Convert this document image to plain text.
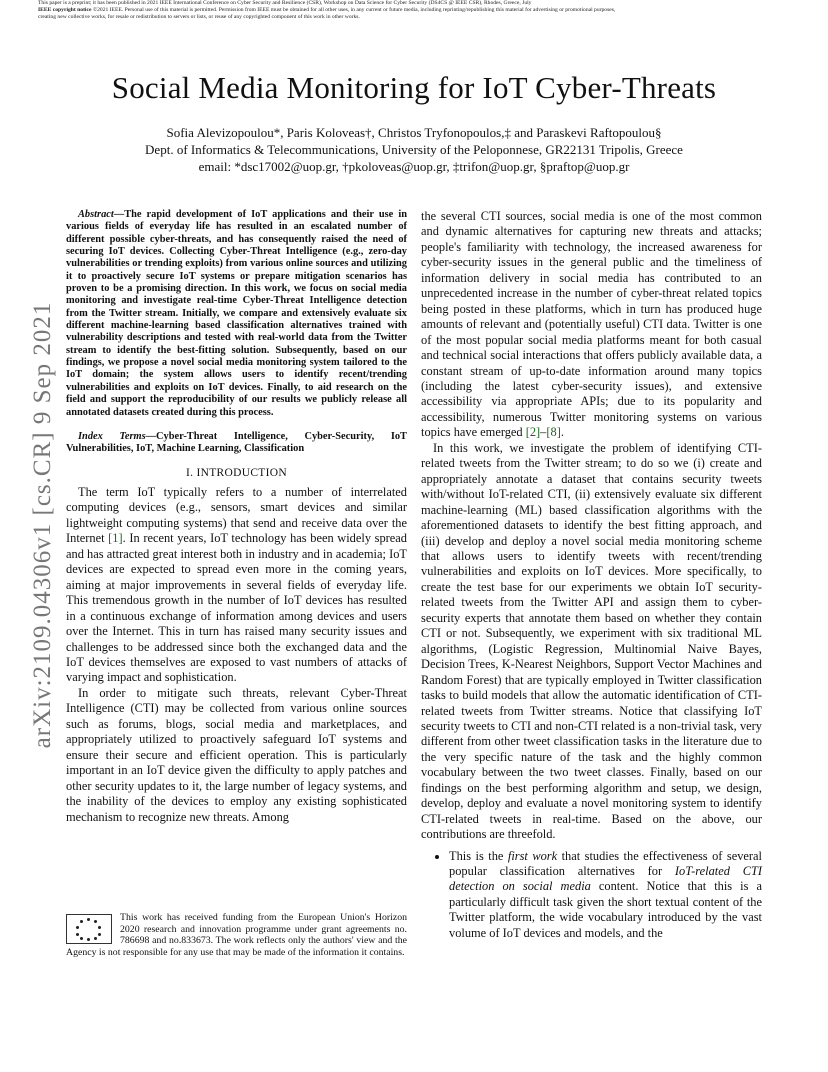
This paper is a preprint; it has been published in 2021 IEEE International Conference on Cyber Security and Resilience (CSR), Workshop on Data Science for Cyber Security (DS4CS @ IEEE CSR), Rhodes, Greece, July

IEEE copyright notice ©2021 IEEE. Personal use of this material is permitted. Permission from IEEE must be obtained for all other uses, in any current or future media, including reprinting/republishing this material for advertising or promotional purposes,

creating new collective works, for resale or redistribution to servers or lists, or reuse of any copyrighted component of this work in other works.

arXiv:2109.04306v1 [cs.CR] 9 Sep 2021
Social Media Monitoring for IoT Cyber-Threats
Sofia Alevizopoulou*, Paris Koloveas†, Christos Tryfonopoulos,‡ and Paraskevi Raftopoulou§
Dept. of Informatics & Telecommunications, University of the Peloponnese, GR22131 Tripolis, Greece
email: *dsc17002@uop.gr, †pkoloveas@uop.gr, ‡trifon@uop.gr, §praftop@uop.gr

Abstract—The rapid development of IoT applications and their use in various fields of everyday life has resulted in an escalated number of different possible cyber-threats, and has consequently raised the need of securing IoT devices. Collecting Cyber-Threat Intelligence (e.g., zero-day vulnerabilities or trending exploits) from various online sources and utilizing it to proactively secure IoT systems or prepare mitigation scenarios has proven to be a promising direction. In this work, we focus on social media monitoring and investigate real-time Cyber-Threat Intelligence detection from the Twitter stream. Initially, we compare and extensively evaluate six different machine-learning based classification alternatives trained with vulnerability descriptions and tested with real-world data from the Twitter stream to identify the best-fitting solution. Subsequently, based on our findings, we propose a novel social media monitoring system tailored to the IoT domain; the system allows users to identify recent/trending vulnerabilities and exploits on IoT devices. Finally, to aid research on the field and support the reproducibility of our results we publicly release all annotated datasets created during this process.

Index Terms—Cyber-Threat Intelligence, Cyber-Security, IoT Vulnerabilities, IoT, Machine Learning, Classification

I. INTRODUCTION

The term IoT typically refers to a number of interrelated computing devices (e.g., sensors, smart devices and similar lightweight computing systems) that send and receive data over the Internet [1]. In recent years, IoT technology has been widely spread and has attracted great interest both in industry and in academia; IoT devices are expected to spread even more in the coming years, aiming at major improvements in several fields of everyday life. This tremendous growth in the number of IoT devices has resulted in a continuous exchange of information among devices and users over the Internet. This in turn has raised many security issues and challenges to be addressed since both the exchanged data and the IoT devices themselves are exposed to vast numbers of attacks of varying impact and sophistication.

In order to mitigate such threats, relevant Cyber-Threat Intelligence (CTI) may be collected from various online sources such as forums, blogs, social media and marketplaces, and appropriately utilized to proactively safeguard IoT systems and ensure their secure and efficient operation. This is particularly important in an IoT device given the difficulty to apply patches and other security updates to it, the large number of legacy systems, and the inability of the devices to employ any existing sophisticated mechanism to recognize new threats. Among

This work has received funding from the European Union's Horizon 2020 research and innovation programme under grant agreements no. 786698 and no.833673. The work reflects only the authors' view and the Agency is not responsible for any use that may be made of the information it contains.

the several CTI sources, social media is one of the most common and dynamic alternatives for capturing new threats and attacks; people's familiarity with technology, the increased awareness for cyber-security issues in the general public and the timeliness of information delivery in social media has contributed to an unprecedented increase in the number of cyber-threat related topics being posted in these platforms, which in turn has produced huge amounts of relevant and (potentially useful) CTI data. Twitter is one of the most popular social media platforms meant for both casual and technical social interactions that offers publicly available data, a constant stream of up-to-date information around many topics (including the latest cyber-security issues), and extensive accessibility via appropriate APIs; due to its popularity and accessibility, numerous Twitter monitoring systems on various topics have emerged [2]–[8].

In this work, we investigate the problem of identifying CTI-related tweets from the Twitter stream; to do so we (i) create and appropriately annotate a dataset that contains security tweets with/without IoT-related CTI, (ii) extensively evaluate six different machine-learning (ML) based classification algorithms with the aforementioned datasets to identify the best fitting approach, and (iii) develop and deploy a novel social media monitoring scheme that allows users to identify tweets with recent/trending vulnerabilities and exploits on IoT devices. More specifically, to create the test base for our experiments we obtain IoT security-related tweets from the Twitter API and assign them to cyber-security experts that annotate them based on whether they contain CTI or not. Subsequently, we experiment with six traditional ML algorithms, (Logistic Regression, Multinomial Naive Bayes, Decision Trees, K-Nearest Neighbors, Support Vector Machines and Random Forest) that are typically employed in Twitter classification tasks to build models that allow the automatic identification of CTI-related tweets from Twitter streams. Notice that classifying IoT security tweets to CTI and non-CTI related is a non-trivial task, very different from other tweet classification tasks in the literature due to the very specific nature of the task and the highly common vocabulary between the two tweet classes. Finally, based on our findings on the best performing algorithm and setup, we design, develop, deploy and evaluate a novel monitoring system to identify CTI-related tweets in real-time. Based on the above, our contributions are threefold.

• This is the first work that studies the effectiveness of several popular classification alternatives for IoT-related CTI detection on social media content. Notice that this is a particularly difficult task given the short textual content of the Twitter platform, the wide vocabulary introduced by the vast volume of IoT devices and models, and the
